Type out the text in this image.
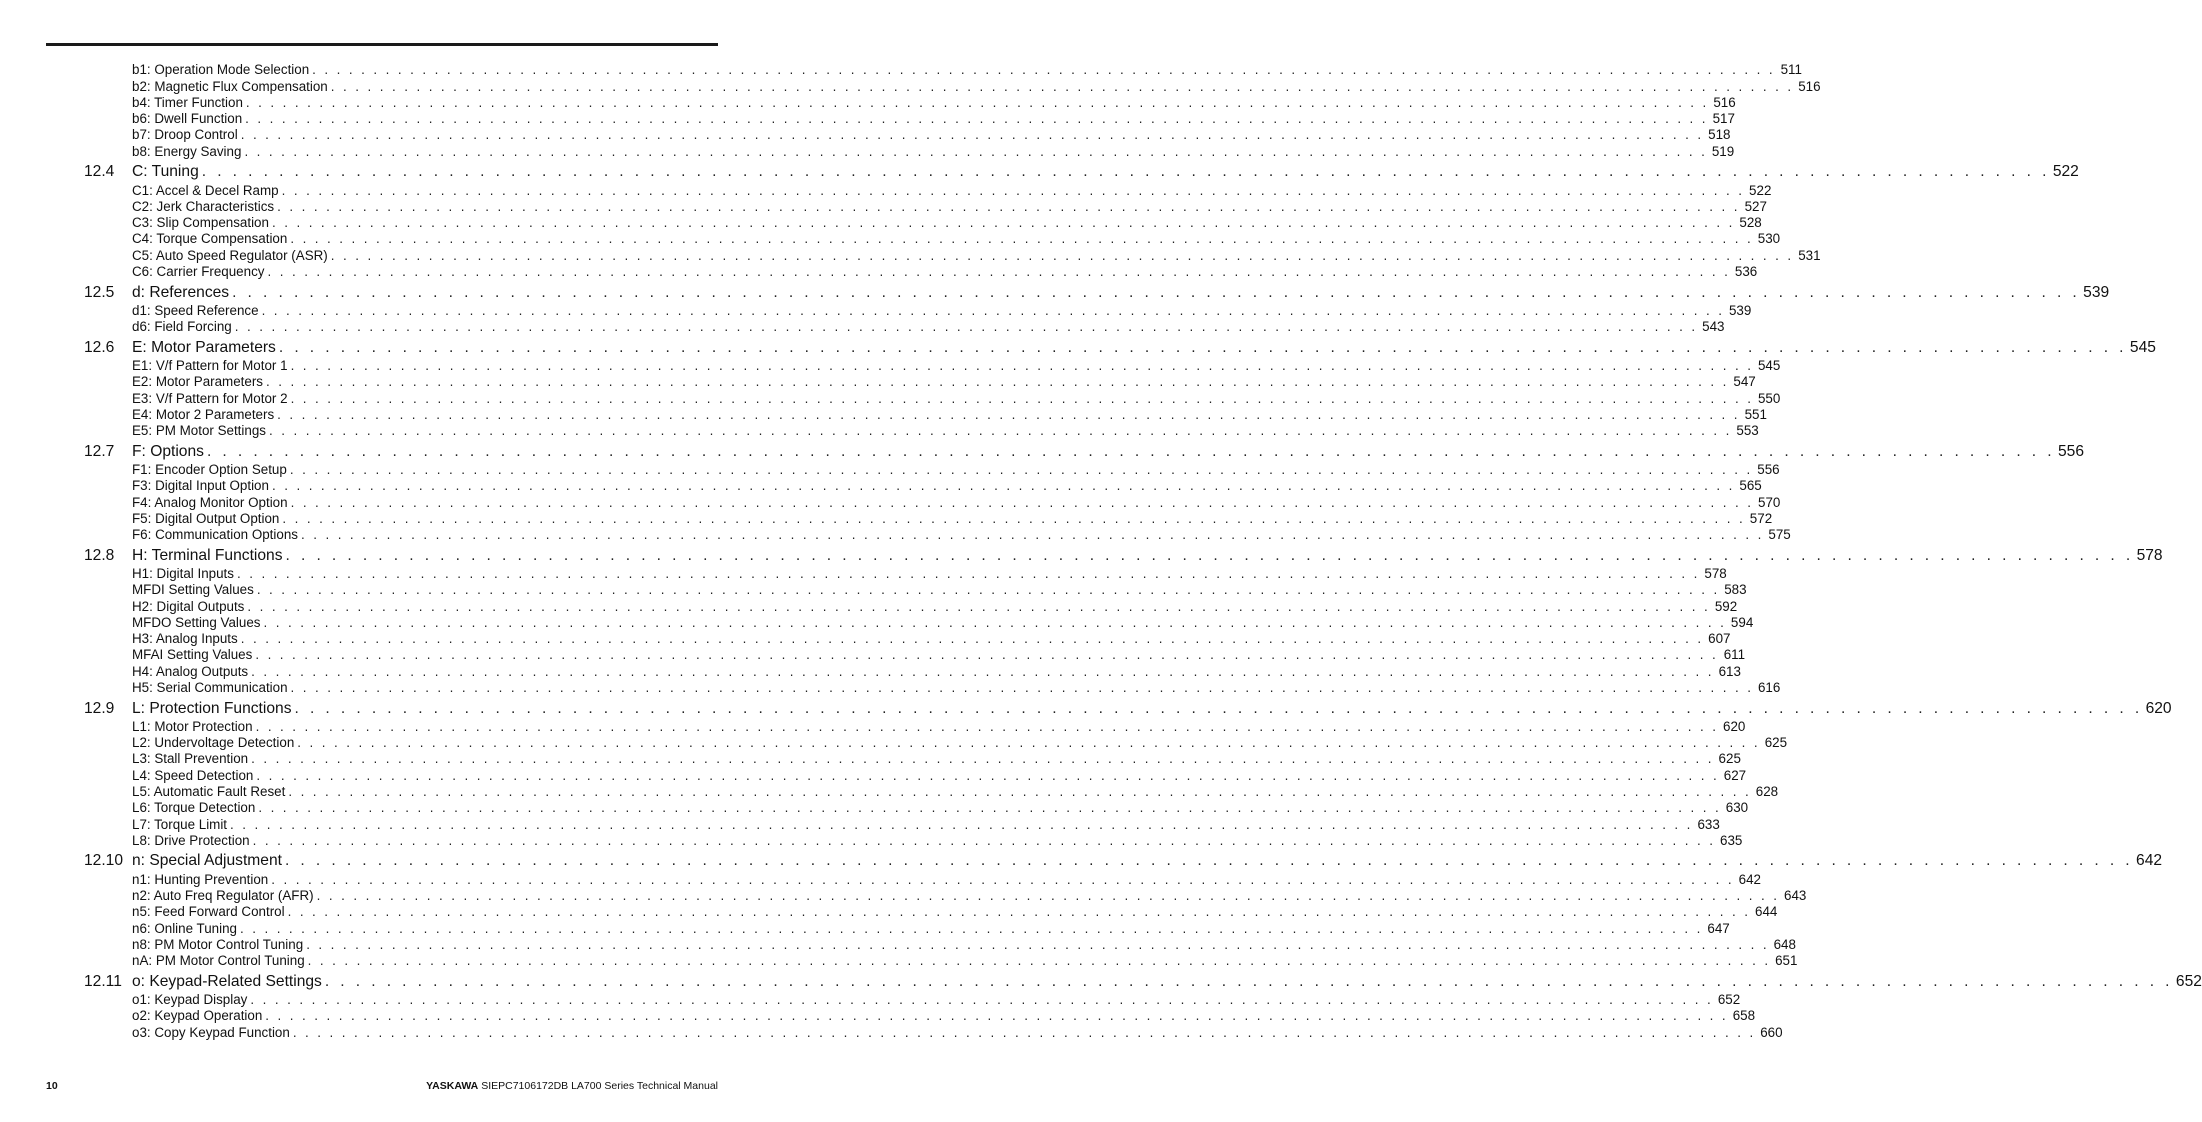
b1: Operation Mode Selection . . . . . . . . . . . . . . . . . . . . . . . . . . . . . . . . . . . . . . . . . . . . . . . . . . . . . . . . . . . . . . . . . . . . . . . . . . . . . . . . . . . . . . . . . . . . . . . . . . . . . . . . . . . . . . . . . . . . . . . . 511
b2: Magnetic Flux Compensation . . . . . . . . . . . . . . . . . . . . . . . . . . . . . . . . . . . . . . . . . . . . . . . . . . . . . . . . . . . . . . . . . . . . . . . . . . . . . . . . . . . . . . . . . . . . . . . . . . . . . . . . . . . . . . . . . . . . . . . . 516
b4: Timer Function . . . . . . . . . . . . . . . . . . . . . . . . . . . . . . . . . . . . . . . . . . . . . . . . . . . . . . . . . . . . . . . . . . . . . . . . . . . . . . . . . . . . . . . . . . . . . . . . . . . . . . . . . . . . . . . . . . . . . . . . 516
b6: Dwell Function . . . . . . . . . . . . . . . . . . . . . . . . . . . . . . . . . . . . . . . . . . . . . . . . . . . . . . . . . . . . . . . . . . . . . . . . . . . . . . . . . . . . . . . . . . . . . . . . . . . . . . . . . . . . . . . . . . . . . . . . 517
b7: Droop Control . . . . . . . . . . . . . . . . . . . . . . . . . . . . . . . . . . . . . . . . . . . . . . . . . . . . . . . . . . . . . . . . . . . . . . . . . . . . . . . . . . . . . . . . . . . . . . . . . . . . . . . . . . . . . . . . . . . . . . . . 518
b8: Energy Saving . . . . . . . . . . . . . . . . . . . . . . . . . . . . . . . . . . . . . . . . . . . . . . . . . . . . . . . . . . . . . . . . . . . . . . . . . . . . . . . . . . . . . . . . . . . . . . . . . . . . . . . . . . . . . . . . . . . . . . . . 519
12.4	C: Tuning . . . . . . . . . . . . . . . . . . . . . . . . . . . . . . . . . . . . . . . . . . . . . . . . . . . . . . . . . . . . . . . . . . . . . . . . . . . . . . . . . . . . . . . . . . . . . . . . . . . . . . . . . . . . . . . . . . . . . . . . 522
C1: Accel & Decel Ramp . . . . . . . . . . . . . . . . . . . . . . . . . . . . . . . . . . . . . . . . . . . . . . . . . . . . . . . . . . . . . . . . . . . . . . . . . . . . . . . . . . . . . . . . . . . . . . . . . . . . . . . . . . . . . . . . . . . . . . . . 522
C2: Jerk Characteristics . . . . . . . . . . . . . . . . . . . . . . . . . . . . . . . . . . . . . . . . . . . . . . . . . . . . . . . . . . . . . . . . . . . . . . . . . . . . . . . . . . . . . . . . . . . . . . . . . . . . . . . . . . . . . . . . . . . . . . . . 527
C3: Slip Compensation . . . . . . . . . . . . . . . . . . . . . . . . . . . . . . . . . . . . . . . . . . . . . . . . . . . . . . . . . . . . . . . . . . . . . . . . . . . . . . . . . . . . . . . . . . . . . . . . . . . . . . . . . . . . . . . . . . . . . . . . 528
C4: Torque Compensation . . . . . . . . . . . . . . . . . . . . . . . . . . . . . . . . . . . . . . . . . . . . . . . . . . . . . . . . . . . . . . . . . . . . . . . . . . . . . . . . . . . . . . . . . . . . . . . . . . . . . . . . . . . . . . . . . . . . . . . . 530
C5: Auto Speed Regulator (ASR) . . . . . . . . . . . . . . . . . . . . . . . . . . . . . . . . . . . . . . . . . . . . . . . . . . . . . . . . . . . . . . . . . . . . . . . . . . . . . . . . . . . . . . . . . . . . . . . . . . . . . . . . . . . . . . . . . . . . . . . . 531
C6: Carrier Frequency . . . . . . . . . . . . . . . . . . . . . . . . . . . . . . . . . . . . . . . . . . . . . . . . . . . . . . . . . . . . . . . . . . . . . . . . . . . . . . . . . . . . . . . . . . . . . . . . . . . . . . . . . . . . . . . . . . . . . . . . 536
12.5	d: References . . . . . . . . . . . . . . . . . . . . . . . . . . . . . . . . . . . . . . . . . . . . . . . . . . . . . . . . . . . . . . . . . . . . . . . . . . . . . . . . . . . . . . . . . . . . . . . . . . . . . . . . . . . . . . . . . . . . . . . . 539
d1: Speed Reference . . . . . . . . . . . . . . . . . . . . . . . . . . . . . . . . . . . . . . . . . . . . . . . . . . . . . . . . . . . . . . . . . . . . . . . . . . . . . . . . . . . . . . . . . . . . . . . . . . . . . . . . . . . . . . . . . . . . . . . . 539
d6: Field Forcing . . . . . . . . . . . . . . . . . . . . . . . . . . . . . . . . . . . . . . . . . . . . . . . . . . . . . . . . . . . . . . . . . . . . . . . . . . . . . . . . . . . . . . . . . . . . . . . . . . . . . . . . . . . . . . . . . . . . . . . . 543
12.6	E: Motor Parameters . . . . . . . . . . . . . . . . . . . . . . . . . . . . . . . . . . . . . . . . . . . . . . . . . . . . . . . . . . . . . . . . . . . . . . . . . . . . . . . . . . . . . . . . . . . . . . . . . . . . . . . . . . . . . . . . . . . . . . . . 545
E1: V/f Pattern for Motor 1 . . . . . . . . . . . . . . . . . . . . . . . . . . . . . . . . . . . . . . . . . . . . . . . . . . . . . . . . . . . . . . . . . . . . . . . . . . . . . . . . . . . . . . . . . . . . . . . . . . . . . . . . . . . . . . . . . . . . . . . . 545
E2: Motor Parameters . . . . . . . . . . . . . . . . . . . . . . . . . . . . . . . . . . . . . . . . . . . . . . . . . . . . . . . . . . . . . . . . . . . . . . . . . . . . . . . . . . . . . . . . . . . . . . . . . . . . . . . . . . . . . . . . . . . . . . . . 547
E3: V/f Pattern for Motor 2 . . . . . . . . . . . . . . . . . . . . . . . . . . . . . . . . . . . . . . . . . . . . . . . . . . . . . . . . . . . . . . . . . . . . . . . . . . . . . . . . . . . . . . . . . . . . . . . . . . . . . . . . . . . . . . . . . . . . . . . . 550
E4: Motor 2 Parameters . . . . . . . . . . . . . . . . . . . . . . . . . . . . . . . . . . . . . . . . . . . . . . . . . . . . . . . . . . . . . . . . . . . . . . . . . . . . . . . . . . . . . . . . . . . . . . . . . . . . . . . . . . . . . . . . . . . . . . . . 551
E5: PM Motor Settings . . . . . . . . . . . . . . . . . . . . . . . . . . . . . . . . . . . . . . . . . . . . . . . . . . . . . . . . . . . . . . . . . . . . . . . . . . . . . . . . . . . . . . . . . . . . . . . . . . . . . . . . . . . . . . . . . . . . . . . . 553
12.7	F: Options . . . . . . . . . . . . . . . . . . . . . . . . . . . . . . . . . . . . . . . . . . . . . . . . . . . . . . . . . . . . . . . . . . . . . . . . . . . . . . . . . . . . . . . . . . . . . . . . . . . . . . . . . . . . . . . . . . . . . . . . 556
F1: Encoder Option Setup . . . . . . . . . . . . . . . . . . . . . . . . . . . . . . . . . . . . . . . . . . . . . . . . . . . . . . . . . . . . . . . . . . . . . . . . . . . . . . . . . . . . . . . . . . . . . . . . . . . . . . . . . . . . . . . . . . . . . . . . 556
F3: Digital Input Option . . . . . . . . . . . . . . . . . . . . . . . . . . . . . . . . . . . . . . . . . . . . . . . . . . . . . . . . . . . . . . . . . . . . . . . . . . . . . . . . . . . . . . . . . . . . . . . . . . . . . . . . . . . . . . . . . . . . . . . . 565
F4: Analog Monitor Option . . . . . . . . . . . . . . . . . . . . . . . . . . . . . . . . . . . . . . . . . . . . . . . . . . . . . . . . . . . . . . . . . . . . . . . . . . . . . . . . . . . . . . . . . . . . . . . . . . . . . . . . . . . . . . . . . . . . . . . . 570
F5: Digital Output Option . . . . . . . . . . . . . . . . . . . . . . . . . . . . . . . . . . . . . . . . . . . . . . . . . . . . . . . . . . . . . . . . . . . . . . . . . . . . . . . . . . . . . . . . . . . . . . . . . . . . . . . . . . . . . . . . . . . . . . . . 572
F6: Communication Options . . . . . . . . . . . . . . . . . . . . . . . . . . . . . . . . . . . . . . . . . . . . . . . . . . . . . . . . . . . . . . . . . . . . . . . . . . . . . . . . . . . . . . . . . . . . . . . . . . . . . . . . . . . . . . . . . . . . . . . . 575
12.8	H: Terminal Functions . . . . . . . . . . . . . . . . . . . . . . . . . . . . . . . . . . . . . . . . . . . . . . . . . . . . . . . . . . . . . . . . . . . . . . . . . . . . . . . . . . . . . . . . . . . . . . . . . . . . . . . . . . . . . . . . . . . . . . . . 578
H1: Digital Inputs . . . . . . . . . . . . . . . . . . . . . . . . . . . . . . . . . . . . . . . . . . . . . . . . . . . . . . . . . . . . . . . . . . . . . . . . . . . . . . . . . . . . . . . . . . . . . . . . . . . . . . . . . . . . . . . . . . . . . . . . 578
MFDI Setting Values . . . . . . . . . . . . . . . . . . . . . . . . . . . . . . . . . . . . . . . . . . . . . . . . . . . . . . . . . . . . . . . . . . . . . . . . . . . . . . . . . . . . . . . . . . . . . . . . . . . . . . . . . . . . . . . . . . . . . . . . 583
H2: Digital Outputs . . . . . . . . . . . . . . . . . . . . . . . . . . . . . . . . . . . . . . . . . . . . . . . . . . . . . . . . . . . . . . . . . . . . . . . . . . . . . . . . . . . . . . . . . . . . . . . . . . . . . . . . . . . . . . . . . . . . . . . . 592
MFDO Setting Values . . . . . . . . . . . . . . . . . . . . . . . . . . . . . . . . . . . . . . . . . . . . . . . . . . . . . . . . . . . . . . . . . . . . . . . . . . . . . . . . . . . . . . . . . . . . . . . . . . . . . . . . . . . . . . . . . . . . . . . . 594
H3: Analog Inputs . . . . . . . . . . . . . . . . . . . . . . . . . . . . . . . . . . . . . . . . . . . . . . . . . . . . . . . . . . . . . . . . . . . . . . . . . . . . . . . . . . . . . . . . . . . . . . . . . . . . . . . . . . . . . . . . . . . . . . . . 607
MFAI Setting Values . . . . . . . . . . . . . . . . . . . . . . . . . . . . . . . . . . . . . . . . . . . . . . . . . . . . . . . . . . . . . . . . . . . . . . . . . . . . . . . . . . . . . . . . . . . . . . . . . . . . . . . . . . . . . . . . . . . . . . . . 611
H4: Analog Outputs . . . . . . . . . . . . . . . . . . . . . . . . . . . . . . . . . . . . . . . . . . . . . . . . . . . . . . . . . . . . . . . . . . . . . . . . . . . . . . . . . . . . . . . . . . . . . . . . . . . . . . . . . . . . . . . . . . . . . . . . 613
H5: Serial Communication . . . . . . . . . . . . . . . . . . . . . . . . . . . . . . . . . . . . . . . . . . . . . . . . . . . . . . . . . . . . . . . . . . . . . . . . . . . . . . . . . . . . . . . . . . . . . . . . . . . . . . . . . . . . . . . . . . . . . . . . 616
12.9	L: Protection Functions . . . . . . . . . . . . . . . . . . . . . . . . . . . . . . . . . . . . . . . . . . . . . . . . . . . . . . . . . . . . . . . . . . . . . . . . . . . . . . . . . . . . . . . . . . . . . . . . . . . . . . . . . . . . . . . . . . . . . . . . 620
L1: Motor Protection . . . . . . . . . . . . . . . . . . . . . . . . . . . . . . . . . . . . . . . . . . . . . . . . . . . . . . . . . . . . . . . . . . . . . . . . . . . . . . . . . . . . . . . . . . . . . . . . . . . . . . . . . . . . . . . . . . . . . . . . 620
L2: Undervoltage Detection . . . . . . . . . . . . . . . . . . . . . . . . . . . . . . . . . . . . . . . . . . . . . . . . . . . . . . . . . . . . . . . . . . . . . . . . . . . . . . . . . . . . . . . . . . . . . . . . . . . . . . . . . . . . . . . . . . . . . . . . 625
L3: Stall Prevention . . . . . . . . . . . . . . . . . . . . . . . . . . . . . . . . . . . . . . . . . . . . . . . . . . . . . . . . . . . . . . . . . . . . . . . . . . . . . . . . . . . . . . . . . . . . . . . . . . . . . . . . . . . . . . . . . . . . . . . . 625
L4: Speed Detection . . . . . . . . . . . . . . . . . . . . . . . . . . . . . . . . . . . . . . . . . . . . . . . . . . . . . . . . . . . . . . . . . . . . . . . . . . . . . . . . . . . . . . . . . . . . . . . . . . . . . . . . . . . . . . . . . . . . . . . . 627
L5: Automatic Fault Reset . . . . . . . . . . . . . . . . . . . . . . . . . . . . . . . . . . . . . . . . . . . . . . . . . . . . . . . . . . . . . . . . . . . . . . . . . . . . . . . . . . . . . . . . . . . . . . . . . . . . . . . . . . . . . . . . . . . . . . . . 628
L6: Torque Detection . . . . . . . . . . . . . . . . . . . . . . . . . . . . . . . . . . . . . . . . . . . . . . . . . . . . . . . . . . . . . . . . . . . . . . . . . . . . . . . . . . . . . . . . . . . . . . . . . . . . . . . . . . . . . . . . . . . . . . . . 630
L7: Torque Limit . . . . . . . . . . . . . . . . . . . . . . . . . . . . . . . . . . . . . . . . . . . . . . . . . . . . . . . . . . . . . . . . . . . . . . . . . . . . . . . . . . . . . . . . . . . . . . . . . . . . . . . . . . . . . . . . . . . . . . . . 633
L8: Drive Protection . . . . . . . . . . . . . . . . . . . . . . . . . . . . . . . . . . . . . . . . . . . . . . . . . . . . . . . . . . . . . . . . . . . . . . . . . . . . . . . . . . . . . . . . . . . . . . . . . . . . . . . . . . . . . . . . . . . . . . . . 635
12.10 n: Special Adjustment . . . . . . . . . . . . . . . . . . . . . . . . . . . . . . . . . . . . . . . . . . . . . . . . . . . . . . . . . . . . . . . . . . . . . . . . . . . . . . . . . . . . . . . . . . . . . . . . . . . . . . . . . . . . . . . . . . . . . . . . 642
n1: Hunting Prevention . . . . . . . . . . . . . . . . . . . . . . . . . . . . . . . . . . . . . . . . . . . . . . . . . . . . . . . . . . . . . . . . . . . . . . . . . . . . . . . . . . . . . . . . . . . . . . . . . . . . . . . . . . . . . . . . . . . . . . . . 642
n2: Auto Freq Regulator (AFR) . . . . . . . . . . . . . . . . . . . . . . . . . . . . . . . . . . . . . . . . . . . . . . . . . . . . . . . . . . . . . . . . . . . . . . . . . . . . . . . . . . . . . . . . . . . . . . . . . . . . . . . . . . . . . . . . . . . . . . . . 643
n5: Feed Forward Control . . . . . . . . . . . . . . . . . . . . . . . . . . . . . . . . . . . . . . . . . . . . . . . . . . . . . . . . . . . . . . . . . . . . . . . . . . . . . . . . . . . . . . . . . . . . . . . . . . . . . . . . . . . . . . . . . . . . . . . . 644
n6: Online Tuning . . . . . . . . . . . . . . . . . . . . . . . . . . . . . . . . . . . . . . . . . . . . . . . . . . . . . . . . . . . . . . . . . . . . . . . . . . . . . . . . . . . . . . . . . . . . . . . . . . . . . . . . . . . . . . . . . . . . . . . . 647
n8: PM Motor Control Tuning . . . . . . . . . . . . . . . . . . . . . . . . . . . . . . . . . . . . . . . . . . . . . . . . . . . . . . . . . . . . . . . . . . . . . . . . . . . . . . . . . . . . . . . . . . . . . . . . . . . . . . . . . . . . . . . . . . . . . . . . 648
nA: PM Motor Control Tuning . . . . . . . . . . . . . . . . . . . . . . . . . . . . . . . . . . . . . . . . . . . . . . . . . . . . . . . . . . . . . . . . . . . . . . . . . . . . . . . . . . . . . . . . . . . . . . . . . . . . . . . . . . . . . . . . . . . . . . . . 651
12.11 o: Keypad-Related Settings . . . . . . . . . . . . . . . . . . . . . . . . . . . . . . . . . . . . . . . . . . . . . . . . . . . . . . . . . . . . . . . . . . . . . . . . . . . . . . . . . . . . . . . . . . . . . . . . . . . . . . . . . . . . . . . . . . . . . . . . 652
o1: Keypad Display . . . . . . . . . . . . . . . . . . . . . . . . . . . . . . . . . . . . . . . . . . . . . . . . . . . . . . . . . . . . . . . . . . . . . . . . . . . . . . . . . . . . . . . . . . . . . . . . . . . . . . . . . . . . . . . . . . . . . . . . 652
o2: Keypad Operation . . . . . . . . . . . . . . . . . . . . . . . . . . . . . . . . . . . . . . . . . . . . . . . . . . . . . . . . . . . . . . . . . . . . . . . . . . . . . . . . . . . . . . . . . . . . . . . . . . . . . . . . . . . . . . . . . . . . . . . . 658
o3: Copy Keypad Function . . . . . . . . . . . . . . . . . . . . . . . . . . . . . . . . . . . . . . . . . . . . . . . . . . . . . . . . . . . . . . . . . . . . . . . . . . . . . . . . . . . . . . . . . . . . . . . . . . . . . . . . . . . . . . . . . . . . . . . . 660
10	YASKAWA SIEPC7106172DB LA700 Series Technical Manual
